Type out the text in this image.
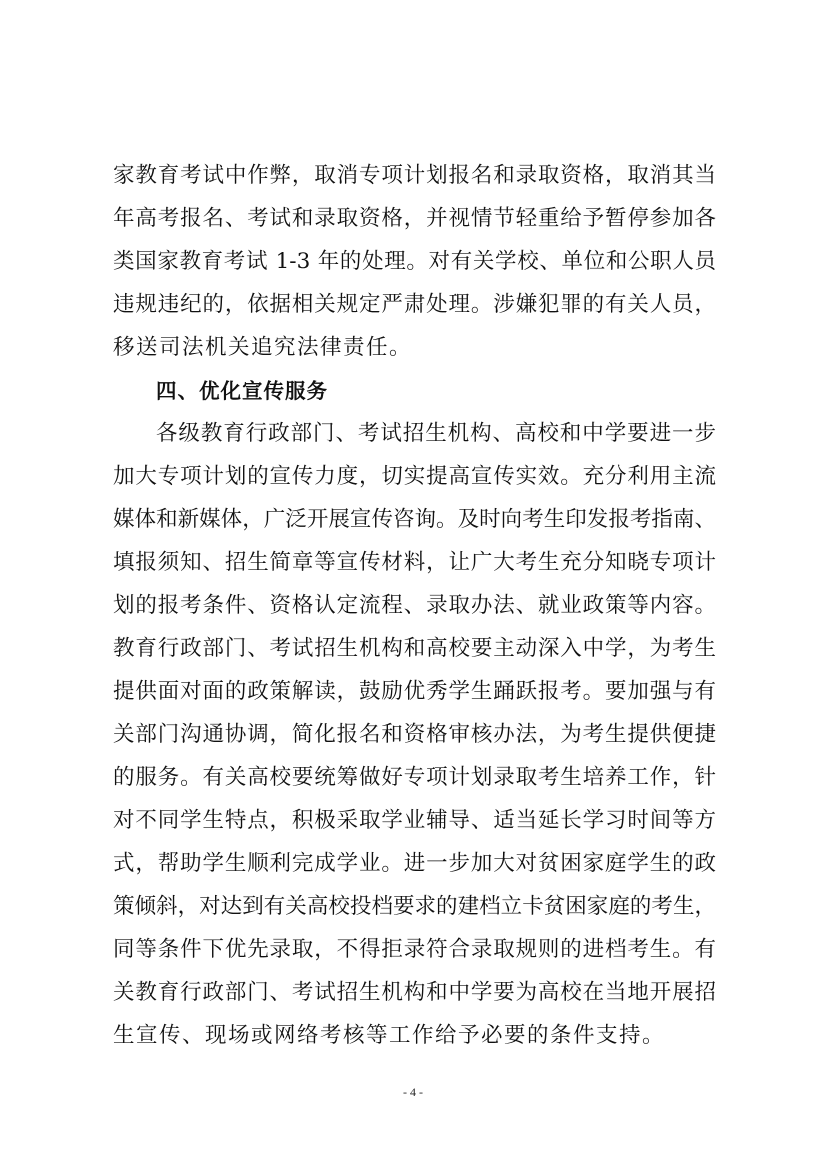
家教育考试中作弊，取消专项计划报名和录取资格，取消其当
年高考报名、考试和录取资格，并视情节轻重给予暂停参加各
类国家教育考试 1-3 年的处理。对有关学校、单位和公职人员
违规违纪的，依据相关规定严肃处理。涉嫌犯罪的有关人员，
移送司法机关追究法律责任。
四、优化宣传服务
各级教育行政部门、考试招生机构、高校和中学要进一步
加大专项计划的宣传力度，切实提高宣传实效。充分利用主流
媒体和新媒体，广泛开展宣传咨询。及时向考生印发报考指南、
填报须知、招生简章等宣传材料，让广大考生充分知晓专项计
划的报考条件、资格认定流程、录取办法、就业政策等内容。
教育行政部门、考试招生机构和高校要主动深入中学，为考生
提供面对面的政策解读，鼓励优秀学生踊跃报考。要加强与有
关部门沟通协调，简化报名和资格审核办法，为考生提供便捷
的服务。有关高校要统筹做好专项计划录取考生培养工作，针
对不同学生特点，积极采取学业辅导、适当延长学习时间等方
式，帮助学生顺利完成学业。进一步加大对贫困家庭学生的政
策倾斜，对达到有关高校投档要求的建档立卡贫困家庭的考生，
同等条件下优先录取，不得拒录符合录取规则的进档考生。有
关教育行政部门、考试招生机构和中学要为高校在当地开展招
生宣传、现场或网络考核等工作给予必要的条件支持。
- 4 -
